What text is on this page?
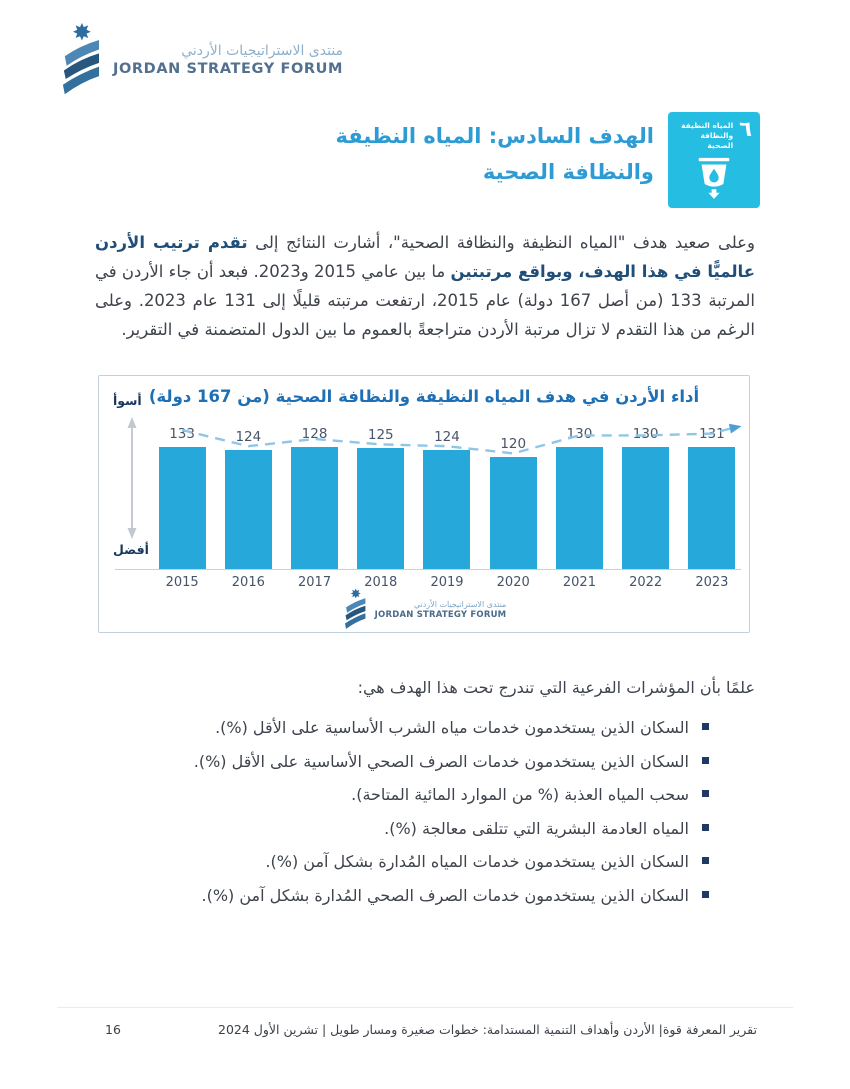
منتدى الاستراتيجيات الأردني
JORDAN STRATEGY FORUM
٦
المياه النظيفة
والنظافة الصحية
الهدف السادس: المياه النظيفة
والنظافة الصحية

وعلى صعيد هدف "المياه النظيفة والنظافة الصحية"، أشارت النتائج إلى تقدم ترتيب الأردن عالميًّا في هذا الهدف، وبواقع مرتبتين ما بين عامي 2015 و2023. فبعد أن جاء الأردن في المرتبة 133 (من أصل 167 دولة) عام 2015، ارتفعت مرتبته قليلًا إلى 131 عام 2023. وعلى الرغم من هذا التقدم لا تزال مرتبة الأردن متراجعةً بالعموم ما بين الدول المتضمنة في التقرير.

أداء الأردن في هدف المياه النظيفة والنظافة الصحية (من 167 دولة)
أسوأ
أفضل
133	124	128	125	124	120
130	130	131
2015	2016	2017	2018	2019	2020	2021	2022	2023
منتدى الاستراتيجيات الأردني
JORDAN STRATEGY FORUM

علمًا بأن المؤشرات الفرعية التي تندرج تحت هذا الهدف هي:

السكان الذين يستخدمون خدمات مياه الشرب الأساسية على الأقل (%).
السكان الذين يستخدمون خدمات الصرف الصحي الأساسية على الأقل (%).
سحب المياه العذبة (% من الموارد المائية المتاحة).
المياه العادمة البشرية التي تتلقى معالجة (%).
السكان الذين يستخدمون خدمات المياه المُدارة بشكل آمن (%).
السكان الذين يستخدمون خدمات الصرف الصحي المُدارة بشكل آمن (%).
16	تقرير المعرفة قوة| الأردن وأهداف التنمية المستدامة: خطوات صغيرة ومسار طويل | تشرين الأول 2024
